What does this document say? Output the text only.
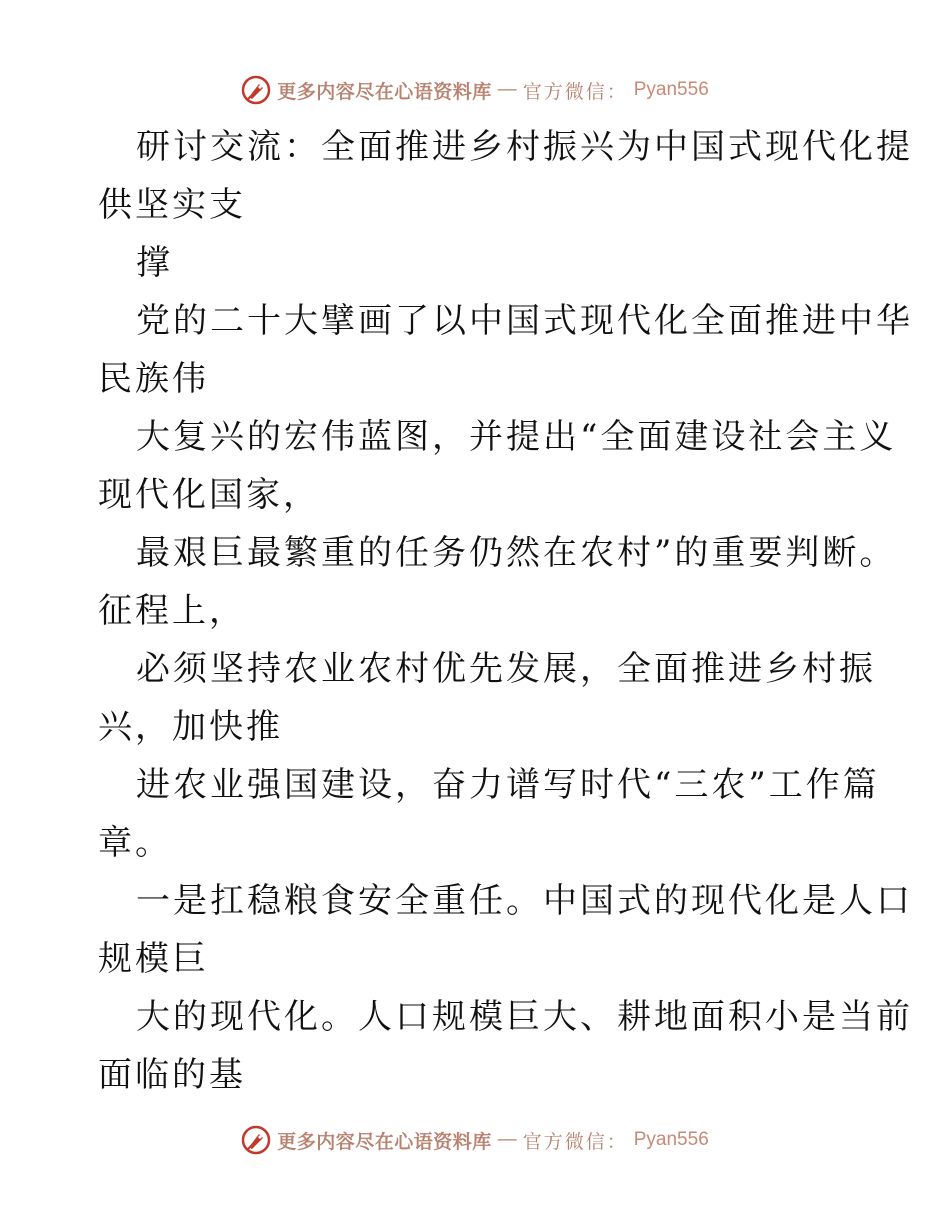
更多内容尽在心语资料库 — 官方微信： Pyan556
研讨交流：全面推进乡村振兴为中国式现代化提
供坚实支
撑
党的二十大擘画了以中国式现代化全面推进中华
民族伟
大复兴的宏伟蓝图，并提出“全面建设社会主义
现代化国家，
最艰巨最繁重的任务仍然在农村”的重要判断。
征程上，
必须坚持农业农村优先发展，全面推进乡村振
兴，加快推
进农业强国建设，奋力谱写时代“三农”工作篇
章。
一是扛稳粮食安全重任。中国式的现代化是人口
规模巨
大的现代化。人口规模巨大、耕地面积小是当前
面临的基
更多内容尽在心语资料库 — 官方微信： Pyan556
